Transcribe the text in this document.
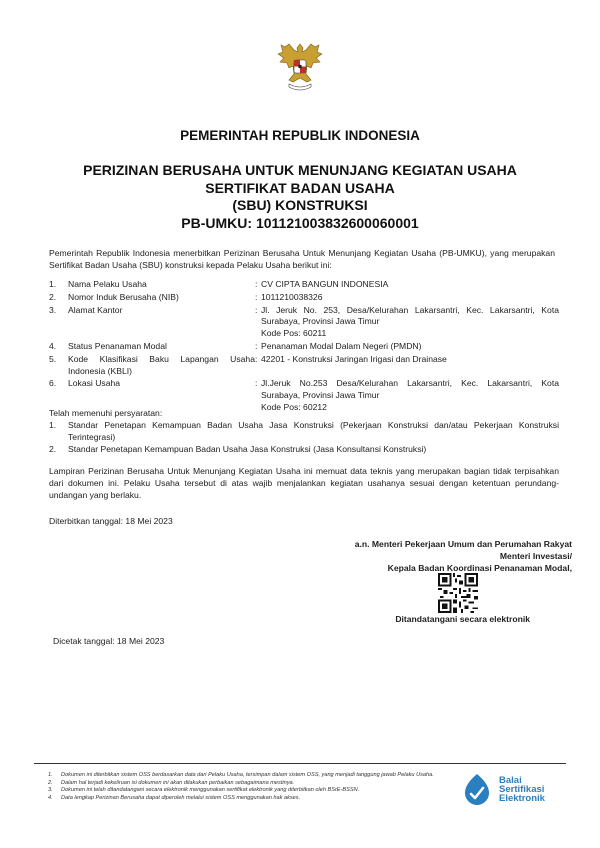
PEMERINTAH REPUBLIK INDONESIA
PERIZINAN BERUSAHA UNTUK MENUNJANG KEGIATAN USAHA
SERTIFIKAT BADAN USAHA
(SBU) KONSTRUKSI
PB-UMKU: 101121003832600060001
Pemerintah Republik Indonesia menerbitkan Perizinan Berusaha Untuk Menunjang Kegiatan Usaha (PB-UMKU), yang merupakan Sertifikat Badan Usaha (SBU) konstruksi kepada Pelaku Usaha berikut ini:
1.	Nama Pelaku Usaha	: CV CIPTA BANGUN INDONESIA
2.	Nomor Induk Berusaha (NIB)	: 1011210038326
3.	Alamat Kantor	: Jl. Jeruk No. 253, Desa/Kelurahan Lakarsantri, Kec. Lakarsantri, Kota Surabaya, Provinsi Jawa Timur
Kode Pos: 60211
4.	Status Penanaman Modal	: Penanaman Modal Dalam Negeri (PMDN)
5.	Kode Klasifikasi Baku Lapangan Usaha : 42201 - Konstruksi Jaringan Irigasi dan Drainase
Indonesia (KBLI)
6.	Lokasi Usaha	: Jl.Jeruk No.253 Desa/Kelurahan Lakarsantri, Kec. Lakarsantri, Kota Surabaya, Provinsi Jawa Timur
Kode Pos: 60212
Telah memenuhi persyaratan:
1.	Standar Penetapan Kemampuan Badan Usaha Jasa Konstruksi (Pekerjaan Konstruksi dan/atau Pekerjaan Konstruksi Terintegrasi)
2.	Standar Penetapan Kemampuan Badan Usaha Jasa Konstruksi (Jasa Konsultansi Konstruksi)
Lampiran Perizinan Berusaha Untuk Menunjang Kegiatan Usaha ini memuat data teknis yang merupakan bagian tidak terpisahkan dari dokumen ini. Pelaku Usaha tersebut di atas wajib menjalankan kegiatan usahanya sesuai dengan ketentuan perundang-undangan yang berlaku.
Diterbitkan tanggal: 18 Mei 2023
a.n. Menteri Pekerjaan Umum dan Perumahan Rakyat
Menteri Investasi/
Kepala Badan Koordinasi Penanaman Modal,
Ditandatangani secara elektronik
Dicetak tanggal: 18 Mei 2023
1.	Dokumen ini diterbitkan sistem OSS berdasarkan data dari Pelaku Usaha, tersimpan dalam sistem OSS, yang menjadi tanggung jawab Pelaku Usaha.
2.	Dalam hal terjadi kekeliruan isi dokumen ini akan dilakukan perbaikan sebagaimana mestinya.
3.	Dokumen ini telah ditandatangani secara elektronik menggunakan sertifikat elektronik yang diterbitkan oleh BSrE-BSSN.
4.	Data lengkap Perizinan Berusaha dapat diperoleh melalui sistem OSS menggunakan hak akses.
Balai
Sertifikasi
Elektronik
